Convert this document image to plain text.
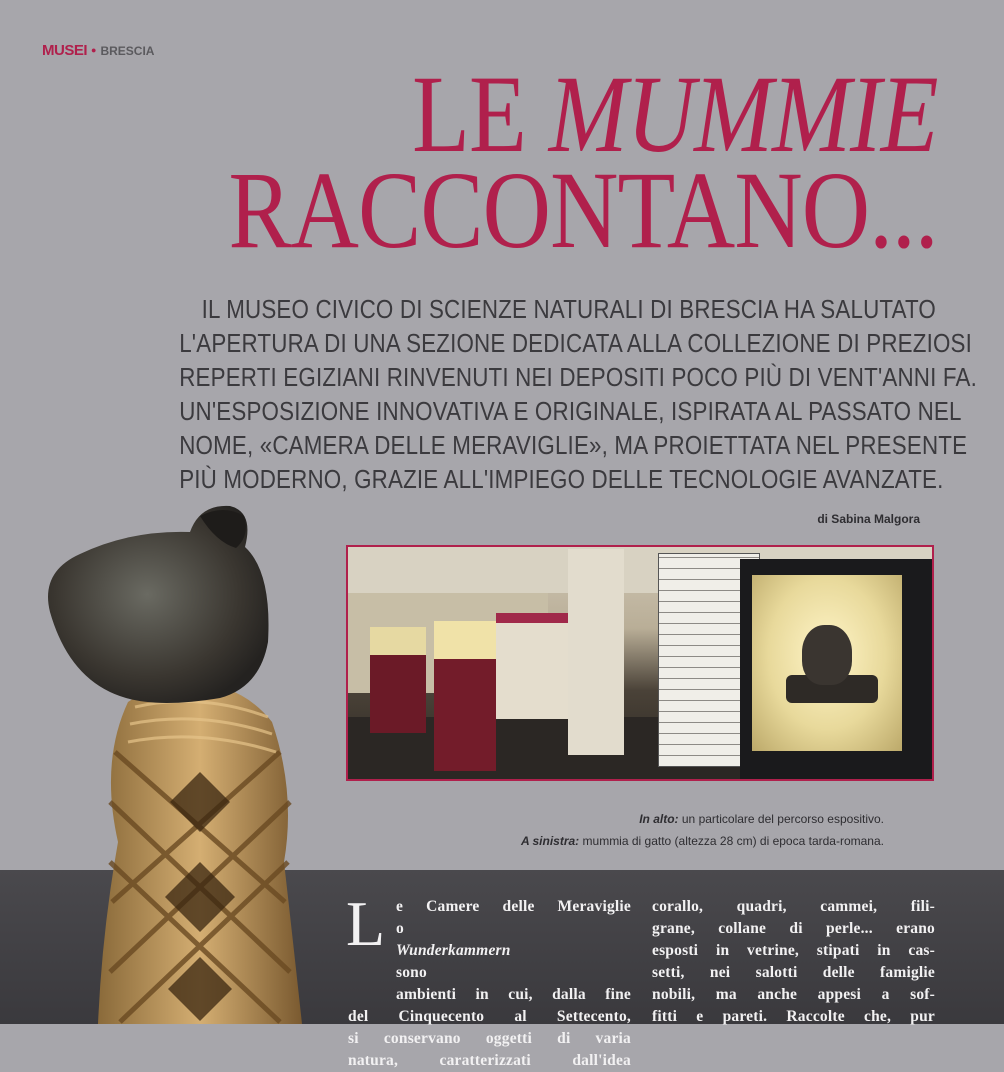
MUSEI ● BRESCIA
LE MUMMIE
RACCONTANO...
IL MUSEO CIVICO DI SCIENZE NATURALI DI BRESCIA HA SALUTATO
L'APERTURA DI UNA SEZIONE DEDICATA ALLA COLLEZIONE DI PREZIOSI
REPERTI EGIZIANI RINVENUTI NEI DEPOSITI POCO PIÙ DI VENT'ANNI FA.
UN'ESPOSIZIONE INNOVATIVA E ORIGINALE, ISPIRATA AL PASSATO NEL
NOME, «CAMERA DELLE MERAVIGLIE», MA PROIETTATA NEL PRESENTE
PIÙ MODERNO, GRAZIE ALL'IMPIEGO DELLE TECNOLOGIE AVANZATE.
di Sabina Malgora
In alto: un particolare del percorso espositivo.
A sinistra: mummia di gatto (altezza 28 cm) di epoca tarda-romana.
L e Camere delle Meraviglie
o
Wunderkammern
sono
ambienti in cui, dalla fine
del Cinquecento al Settecento,
si conservano oggetti di varia
natura, caratterizzati dall'idea
corallo, quadri, cammei, fili-
grane, collane di perle... erano
esposti in vetrine, stipati in cas-
setti, nei salotti delle famiglie
nobili, ma anche appesi a sof-
fitti e pareti. Raccolte che, pur
